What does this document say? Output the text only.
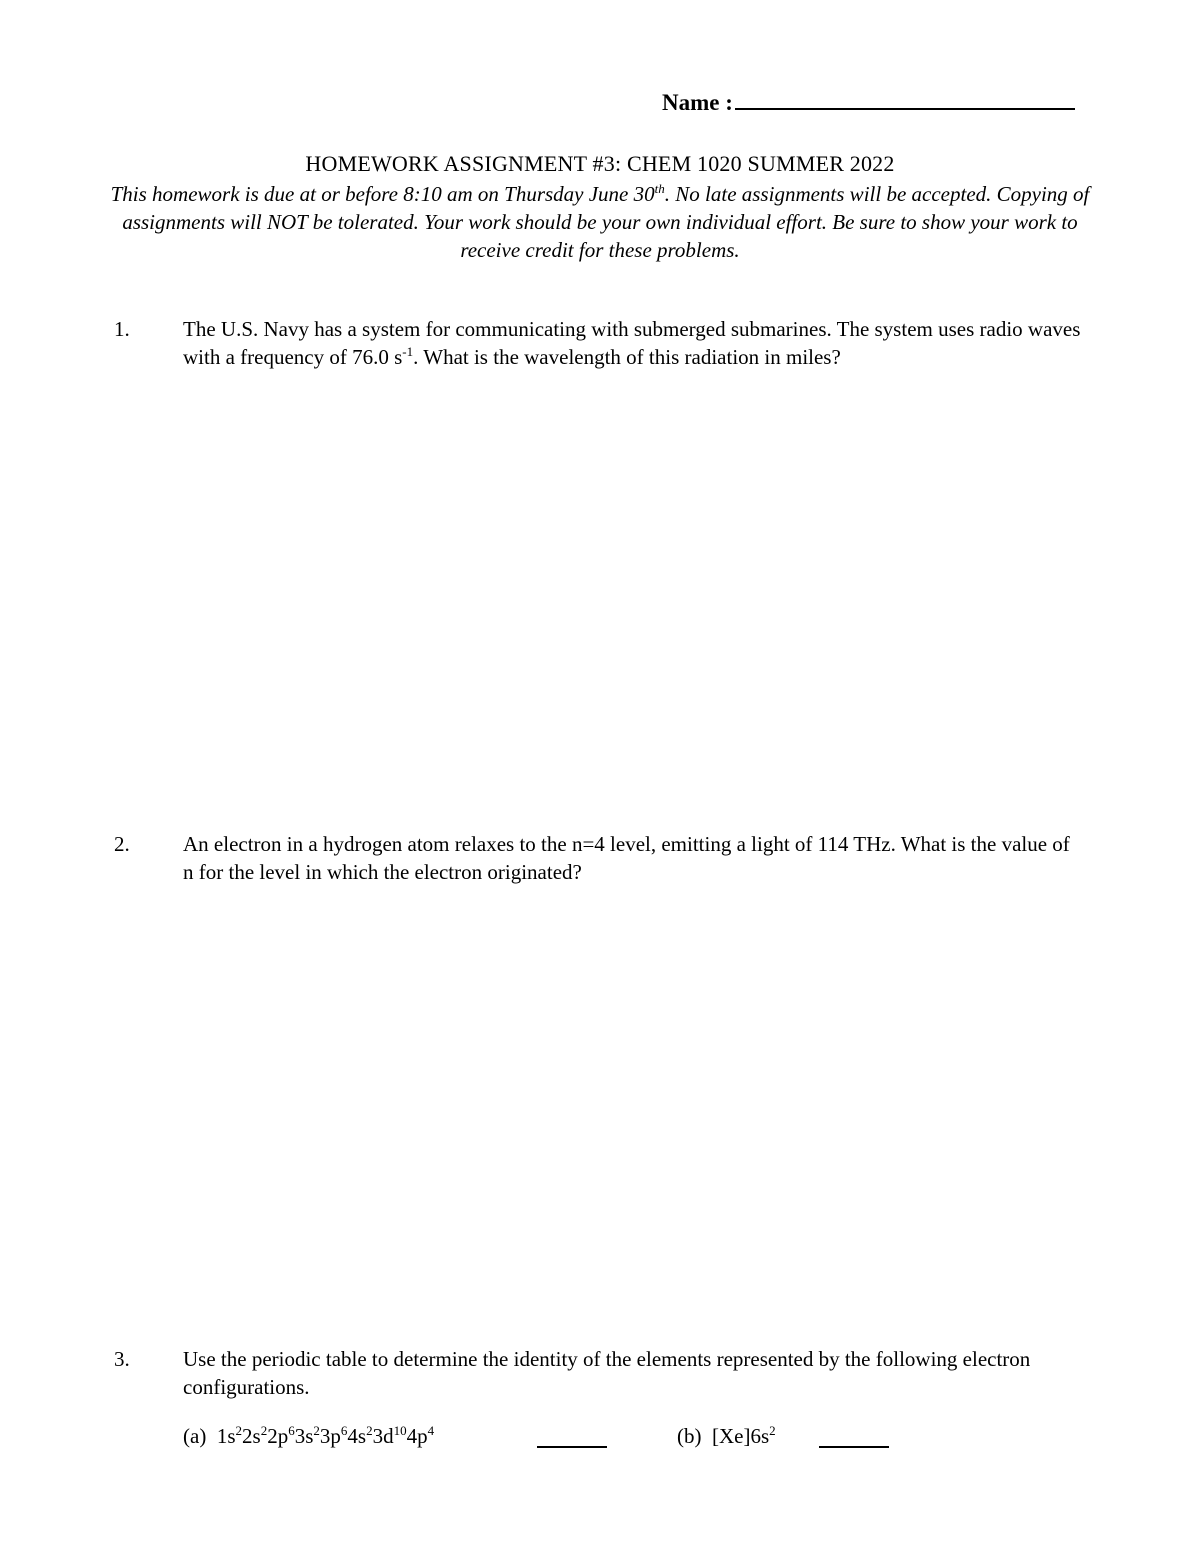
Name :
HOMEWORK ASSIGNMENT #3: CHEM 1020 SUMMER 2022
This homework is due at or before 8:10 am on Thursday June 30th. No late assignments will be accepted. Copying of assignments will NOT be tolerated. Your work should be your own individual effort. Be sure to show your work to receive credit for these problems.
1.	The U.S. Navy has a system for communicating with submerged submarines. The system uses radio waves with a frequency of 76.0 $s^{-1}$. What is the wavelength of this radiation in miles?
2.	An electron in a hydrogen atom relaxes to the n=4 level, emitting a light of 114 THz. What is the value of n for the level in which the electron originated?
3.	Use the periodic table to determine the identity of the elements represented by the following electron configurations.
(a) $1s^22s^22p^63s^23p^64s^23d^{10}4p^4$	(b) $[Xe]6s^2$
